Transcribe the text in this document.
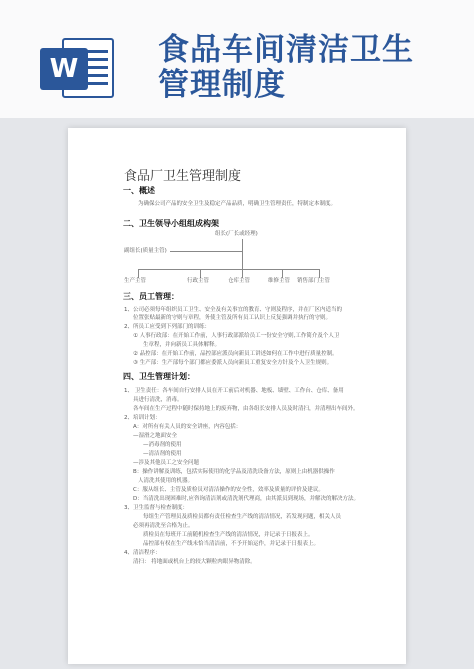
W
食品车间清洁卫生
管理制度
食品厂卫生管理制度
一、概述
为确保公司产品的安全卫生及稳定产品品质，明确卫生管理责任，特制定本制度。
二、卫生领导小组组成构架
组长(厂长或经理)
副组长(质量主管)
生产主管	行政主管	仓库主管	维修主管 销售部门主管
三、员工管理：
1、公司必须每年组织员工卫生、安全及有关事宜的教育、守则及程序，并在厂区内适当的
位置张贴最新的守则与章程，务使主管及所有员工认识上反复强调并执行的守则。
2、所员工应受到下列部门的训练：
① 人事行政部：在开始工作前，人事行政部派给员工一份安全守则,工作简介及个人卫
生章程，并向新员工具体解释。
② 品控部：在开始工作前，品控部应派员向新员工讲述如何在工作中进行质量控制。
③ 生产部：生产部每个部门都应委派人员向新员工重复安全方针及个人卫生规则。
四、卫生管理计划：
1、 卫生责任：各车间自行安排人员在开工前后对机器、地板、墙壁、工作台、仓库、备用
具进行清洗，消毒。
各车间在生产过程中随时保持地上的废弃物，由各组长安排人员及时清扫，并清理出车间外。
2、培训计划：
A：对所有有关人员的安全讲座，内容包括：
—湿滑之地面安全
—消毒剂的使用
—清洁剂的使用
—涉及其他员工之安全问题
B：操作讲解及训练，包括实际使用的化学品及清洗设备方法，原则上由机器供操作
人清洗其使用的机器。
C：服从组长、主管及质检员对清洁操作的安全性，效率及质量的评价及建议。
D：当清洗出现困难时,应咨询清洁剂或清洗剂代理商，由其派员到现场，并解决的解决方法。
3、卫生监督与检查制度：
每组生产管理员及质检员都有责任检查生产线的清洁情况，若发现问题，相关人员
必须再清洗至合格为止。
质检员在每班开工前随机检查生产线的清洁情况，并记录于日报表上。
品控部有权在生产线未恰当清洁前，不予开始运作，并记录于日报表上。
4、清洁程序：
清扫： 将地面或机台上的较大颗粒肉眼异物清除。
